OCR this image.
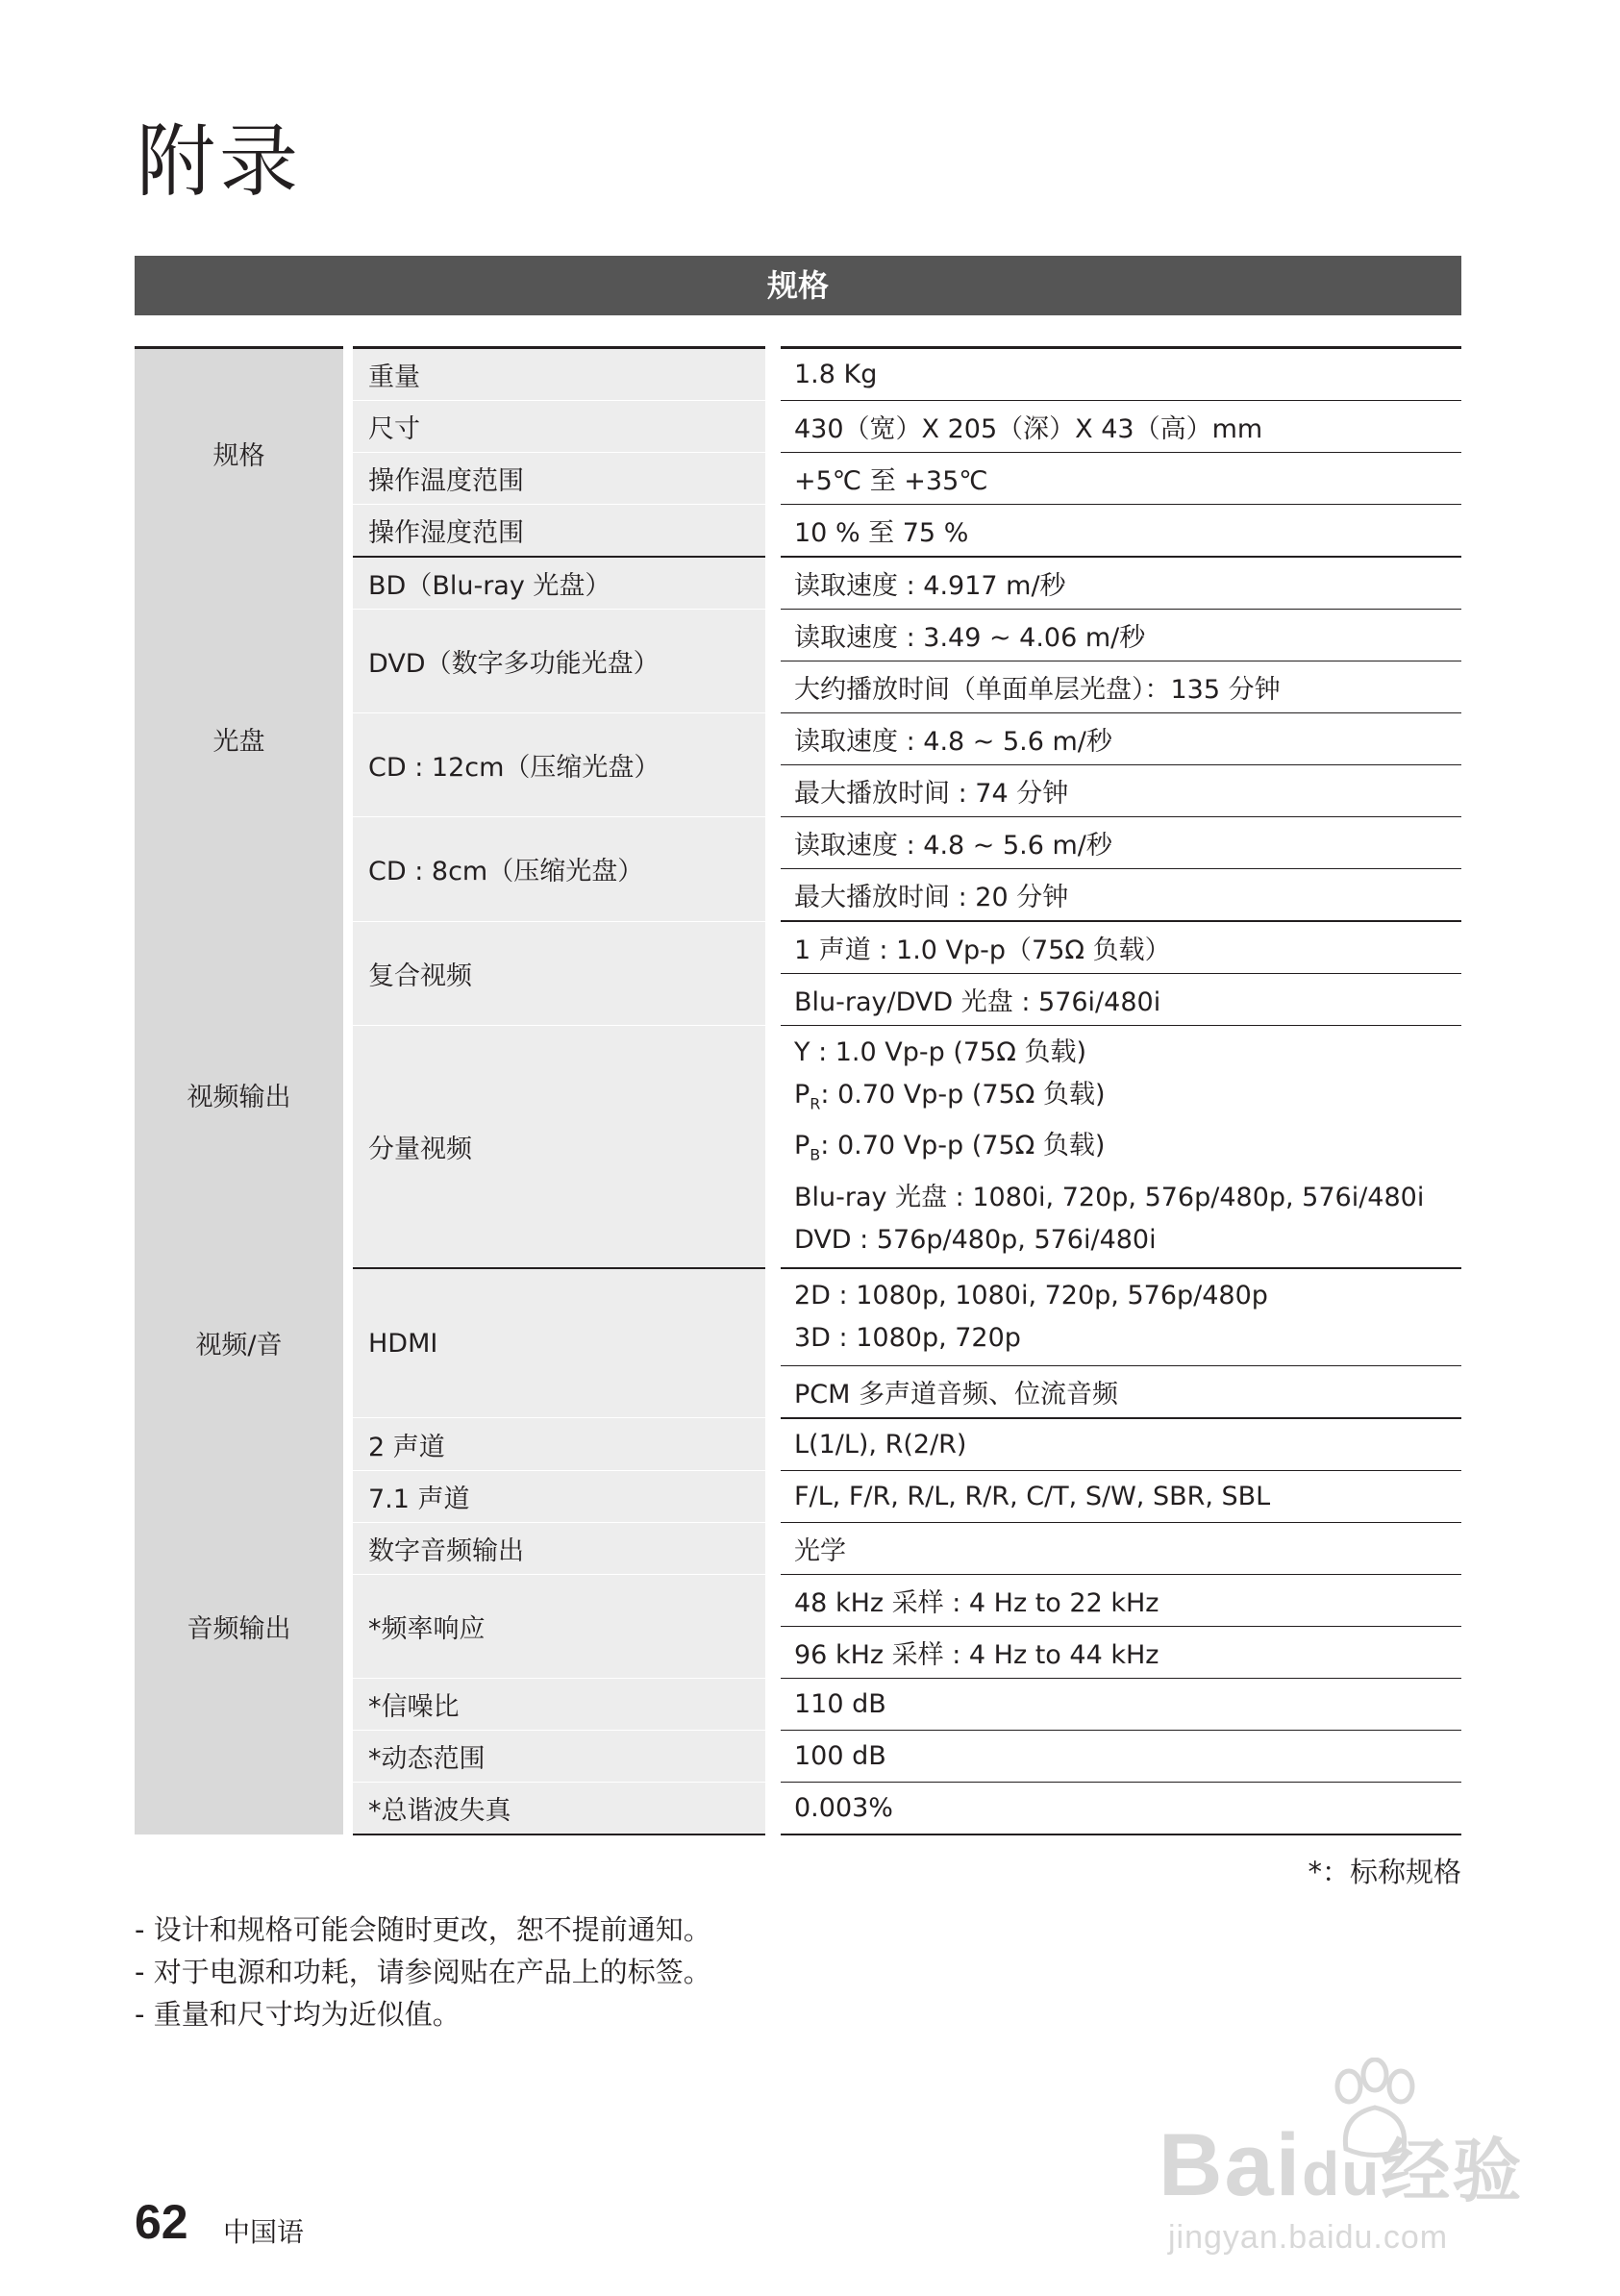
附录
规格
规格	重量	1.8 Kg
	尺寸	430（宽）X 205（深）X 43（高）mm
	操作温度范围	+5℃ 至 +35℃
	操作湿度范围	10 % 至 75 %
光盘	BD（Blu-ray 光盘）	读取速度 : 4.917 m/秒
	DVD（数字多功能光盘）	读取速度 : 3.49 ~ 4.06 m/秒
		大约播放时间（单面单层光盘）：135 分钟
	CD : 12cm（压缩光盘）	读取速度 : 4.8 ~ 5.6 m/秒
		最大播放时间 : 74 分钟
	CD : 8cm（压缩光盘）	读取速度 : 4.8 ~ 5.6 m/秒
		最大播放时间 : 20 分钟
视频输出	复合视频	1 声道 : 1.0 Vp-p（75Ω 负载）
		Blu-ray/DVD 光盘 : 576i/480i
	分量视频	Y : 1.0 Vp-p (75Ω 负载)
$P_R$: 0.70 Vp-p (75Ω 负载)
$P_B$: 0.70 Vp-p (75Ω 负载)
Blu-ray 光盘 : 1080i, 720p, 576p/480p, 576i/480i
DVD : 576p/480p, 576i/480i

视频/音	HDMI	2D : 1080p, 1080i, 720p, 576p/480p
3D : 1080p, 720p

		PCM 多声道音频、位流音频
音频输出	2 声道	L(1/L), R(2/R)
	7.1 声道	F/L, F/R, R/L, R/R, C/T, S/W, SBR, SBL
	数字音频输出	光学
	*频率响应	48 kHz 采样 : 4 Hz to 22 kHz
		96 kHz 采样 : 4 Hz to 44 kHz
	*信噪比	110 dB
	*动态范围	100 dB
	*总谐波失真	0.003%
*：标称规格
- 设计和规格可能会随时更改，恕不提前通知。
- 对于电源和功耗，请参阅贴在产品上的标签。
- 重量和尺寸均为近似值。
62 中国语
Baidu经验
jingyan.baidu.com
